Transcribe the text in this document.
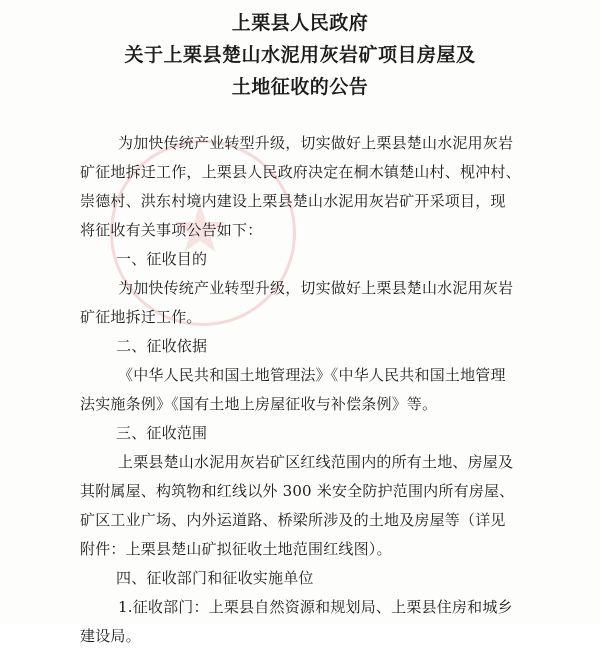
上栗县人民政府
关于上栗县楚山水泥用灰岩矿项目房屋及
土地征收的公告
为加快传统产业转型升级，切实做好上栗县楚山水泥用灰岩
矿征地拆迁工作，上栗县人民政府决定在桐木镇楚山村、枧冲村、
崇德村、洪东村境内建设上栗县楚山水泥用灰岩矿开采项目，现
将征收有关事项公告如下：
一、征收目的
为加快传统产业转型升级，切实做好上栗县楚山水泥用灰岩
矿征地拆迁工作。
二、征收依据
《中华人民共和国土地管理法》《中华人民共和国土地管理
法实施条例》《国有土地上房屋征收与补偿条例》等。
三、征收范围
上栗县楚山水泥用灰岩矿区红线范围内的所有土地、房屋及
其附属屋、构筑物和红线以外 300 米安全防护范围内所有房屋、
矿区工业广场、内外运道路、桥梁所涉及的土地及房屋等（详见
附件：上栗县楚山矿拟征收土地范围红线图）。
四、征收部门和征收实施单位
1.征收部门：上栗县自然资源和规划局、上栗县住房和城乡
建设局。
